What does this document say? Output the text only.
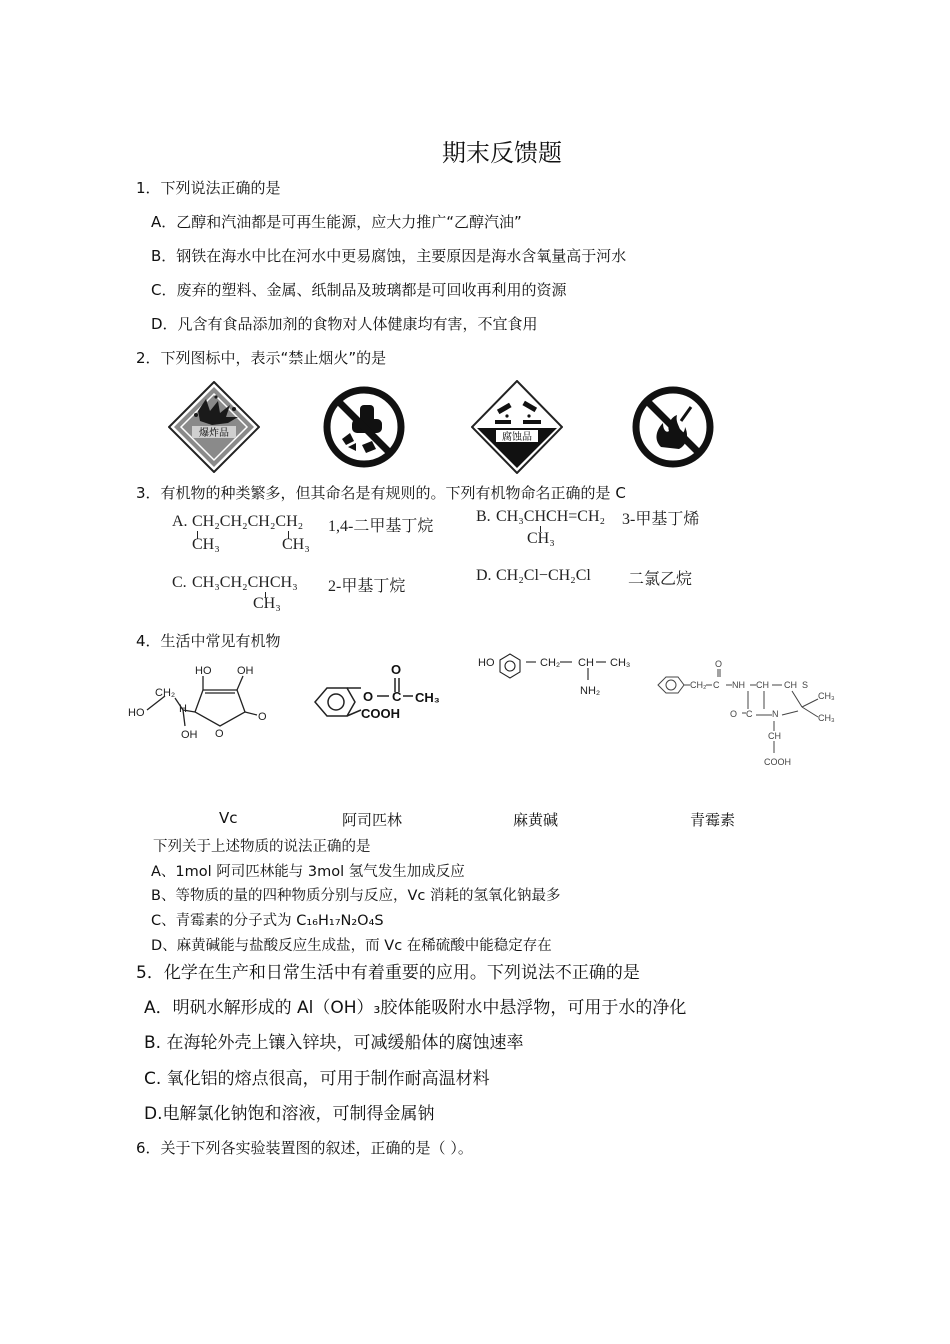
期末反馈题
1．下列说法正确的是
A．乙醇和汽油都是可再生能源，应大力推广“乙醇汽油”
B．钢铁在海水中比在河水中更易腐蚀，主要原因是海水含氧量高于河水
C．废弃的塑料、金属、纸制品及玻璃都是可回收再利用的资源
D．凡含有食品添加剂的食物对人体健康均有害，不宜食用
2．下列图标中，表示“禁止烟火”的是
爆炸品	腐蚀品
3．有机物的种类繁多，但其命名是有规则的。下列有机物命名正确的是 C
A. CH₂CH₂CH₂CH₂
CH₃	CH₃
1,4-二甲基丁烷
B. CH₃CHCH=CH₂
CH₃
3-甲基丁烯
C. CH₃CH₂CHCH₃
CH₃
2-甲基丁烷
D. CH₂Cl−CH₂Cl 二氯乙烷
4．生活中常见有机物
HO OH
O
O
CH₂
HO	H
OH
O
O
C CH₃
COOH
HO	CH₂ CH CH₃
NH₂	CH₂ C
O
NH CH CH S
O C N
CH₃
CH₃
CH
COOH
Vc	阿司匹林	麻黄碱	青霉素
下列关于上述物质的说法正确的是
A、1mol 阿司匹林能与 3mol 氢气发生加成反应
B、等物质的量的四种物质分别与反应，Vc 消耗的氢氧化钠最多
C、青霉素的分子式为 C₁₆H₁₇N₂O₄S
D、麻黄碱能与盐酸反应生成盐，而 Vc 在稀硫酸中能稳定存在
5．化学在生产和日常生活中有着重要的应用。下列说法不正确的是
A．明矾水解形成的 Al（OH）₃胶体能吸附水中悬浮物，可用于水的净化
B. 在海轮外壳上镶入锌块，可减缓船体的腐蚀速率
C. 氧化铝的熔点很高，可用于制作耐高温材料
D.电解氯化钠饱和溶液，可制得金属钠
6．关于下列各实验装置图的叙述，正确的是（ ）。
